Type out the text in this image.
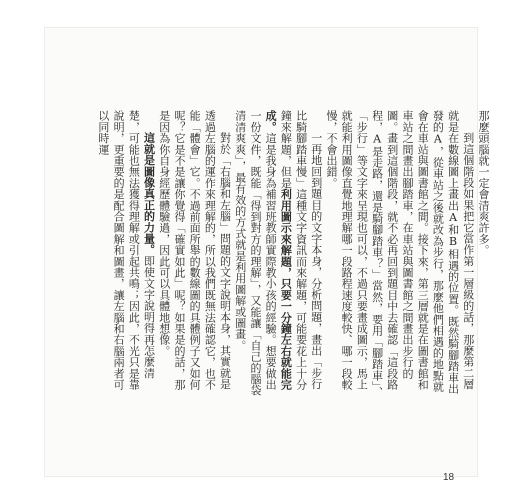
那麼頭腦就一定會清爽許多。

到這個階段如果把它當作第一層級的話，那麼第二層就是在數線圖上畫出A和B相遇的位置。既然騎腳踏車出發的A，從車站之後就改為步行，那麼他們相遇的地點就會在車站與圖書館之間。接下來，第三層就是在圖書館和車站之間畫出腳踏車，在車站與圖書館之間畫出步行的圖。畫到這個階段，就不必再回到題目中去確認「這段路程，A是走路，還是騎腳踏車？」當然，要用「腳踏車」、「步行」等文字來呈現也可以，不過只要畫成圖示，馬上就能利用圖像直覺地理解哪一段路程速度較快、哪一段較慢，不會出錯。

一再地回到題目的文字本身，分析問題，畫出「步行比騎腳踏車慢」這種文字資訊而來解題，可能要花上十分鐘來解題，但是利用圖示來解題，只要一分鐘左右就能完成。這是我身為補習班教師實際教小孩的經驗。想要做出一份文件，既能「得到對方的理解」，又能讓「自己的腦袋清清爽爽」，最有效的方式就是利用圖解或圖畫。

對於「右腦和左腦」問題的文字說明本身，其實就是透過左腦的運作來理解的，所以我們既無法確認它，也不能「體會」它。不過前面所舉的數線圖的具體例子又如何呢？它是不是讓你覺得「確實如此」呢？如果是的話，那是因為你自身經歷體驗過，因此可以具體地想像。

這就是圖像真正的力量。即使文字說明得再怎麼清楚，可能也無法獲得理解或引起共鳴；因此，不光只是靠說明，更重要的是配合圖解和圖畫，讓左腦和右腦兩者可以同時運

18
